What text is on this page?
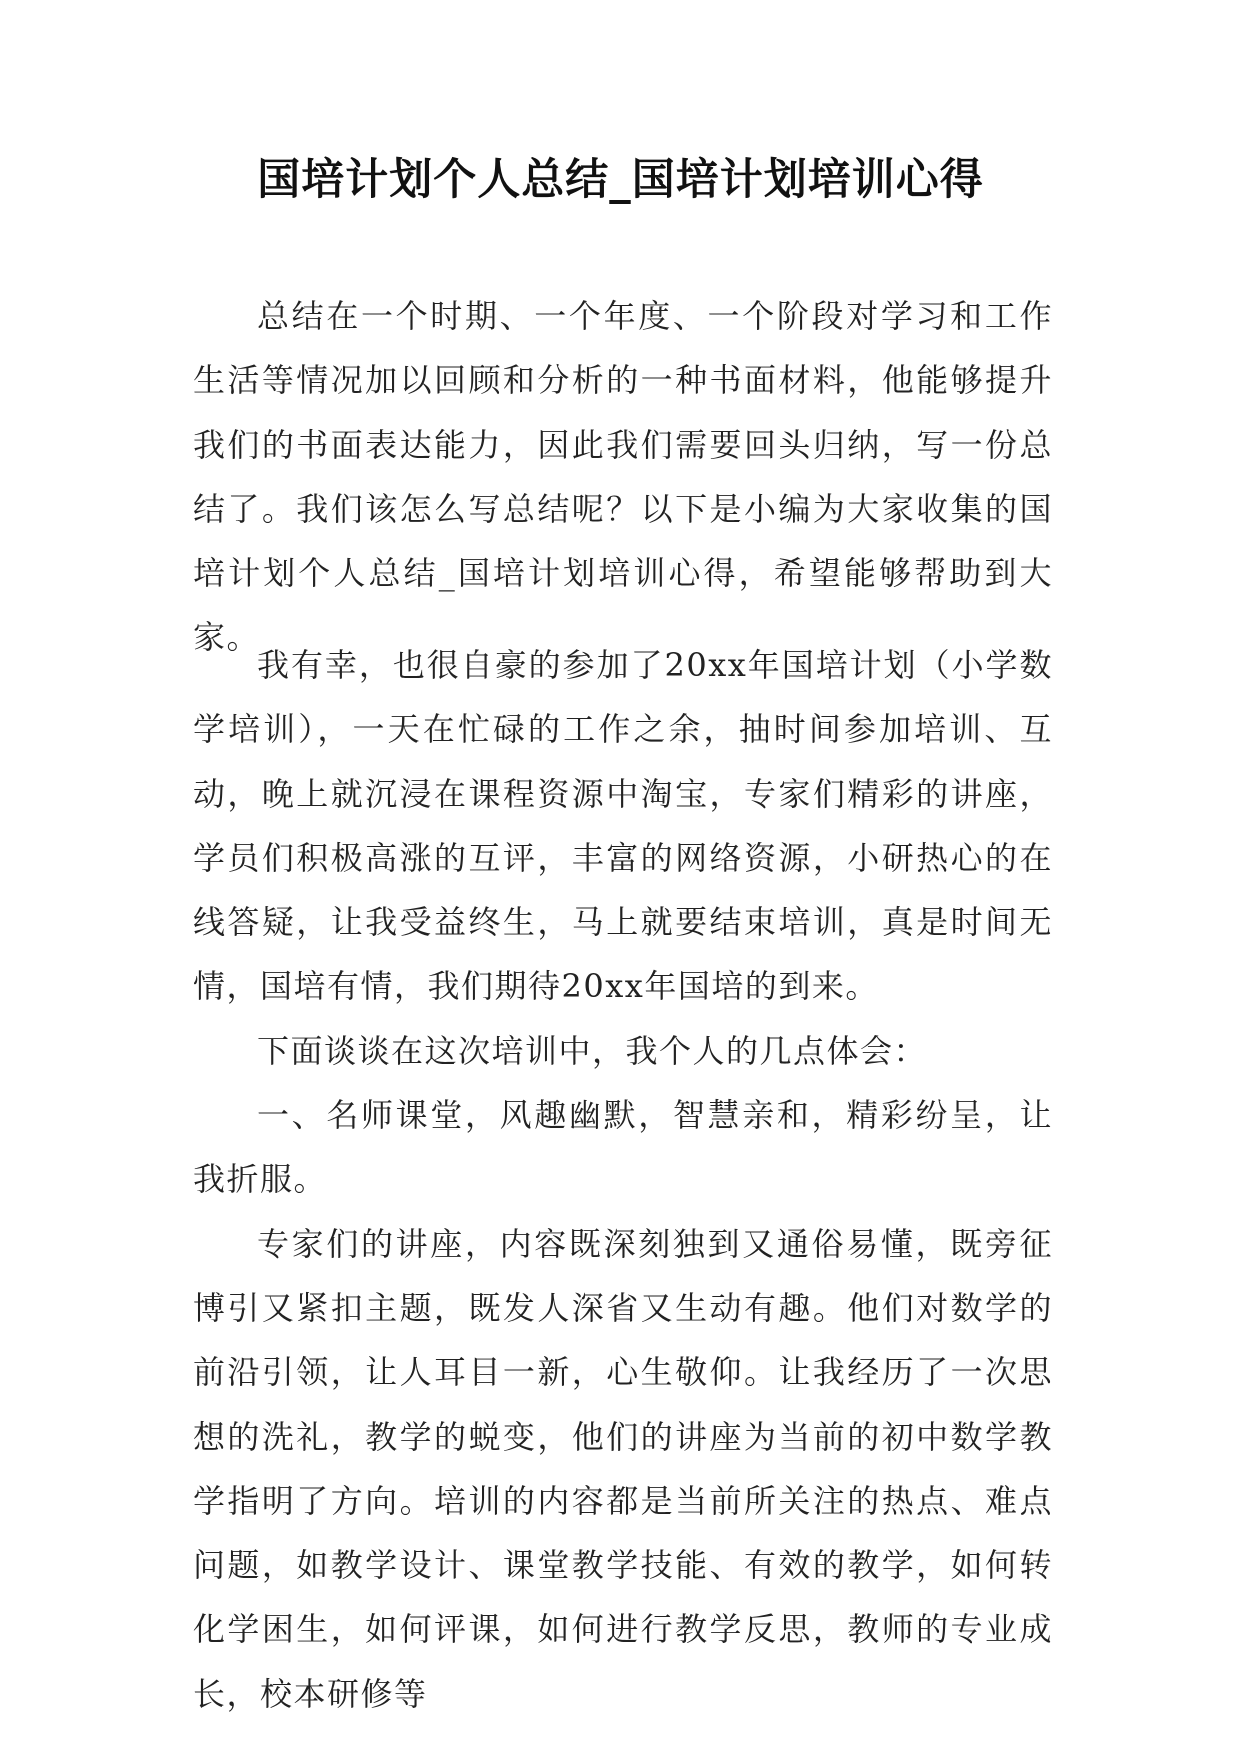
国培计划个人总结_国培计划培训心得

总结在一个时期、一个年度、一个阶段对学习和工作生活等情况加以回顾和分析的一种书面材料，他能够提升我们的书面表达能力，因此我们需要回头归纳，写一份总结了。我们该怎么写总结呢？以下是小编为大家收集的国培计划个人总结_国培计划培训心得，希望能够帮助到大家。

我有幸，也很自豪的参加了20xx年国培计划（小学数学培训），一天在忙碌的工作之余，抽时间参加培训、互动，晚上就沉浸在课程资源中淘宝，专家们精彩的讲座，学员们积极高涨的互评，丰富的网络资源，小研热心的在线答疑，让我受益终生，马上就要结束培训，真是时间无情，国培有情，我们期待20xx年国培的到来。

下面谈谈在这次培训中，我个人的几点体会：

一、名师课堂，风趣幽默，智慧亲和，精彩纷呈，让我折服。

专家们的讲座，内容既深刻独到又通俗易懂，既旁征博引又紧扣主题，既发人深省又生动有趣。他们对数学的前沿引领，让人耳目一新，心生敬仰。让我经历了一次思想的洗礼，教学的蜕变，他们的讲座为当前的初中数学教学指明了方向。培训的内容都是当前所关注的热点、难点问题，如教学设计、课堂教学技能、有效的教学，如何转化学困生，如何评课，如何进行教学反思，教师的专业成长，校本研修等
